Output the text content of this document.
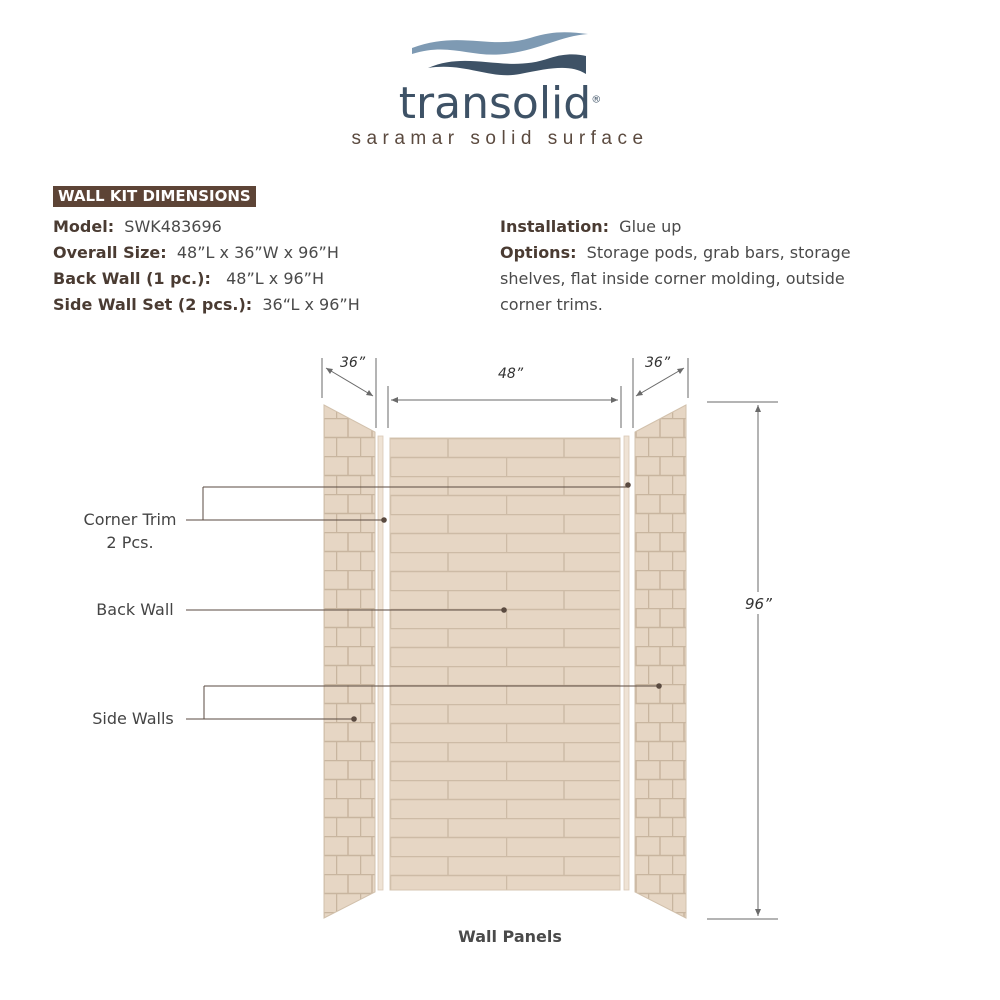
transolid®
saramar solid surface
WALL KIT DIMENSIONS
Model: SWK483696
Overall Size: 48”L x 36”W x 96”H
Back Wall (1 pc.): 48”L x 96”H
Side Wall Set (2 pcs.): 36“L x 96”H
Installation: Glue up
Options: Storage pods, grab bars, storage
shelves, flat inside corner molding, outside
corner trims.
36”
48”
36”
96”
Corner Trim
2 Pcs.
Back Wall
Side Walls
Wall Panels
